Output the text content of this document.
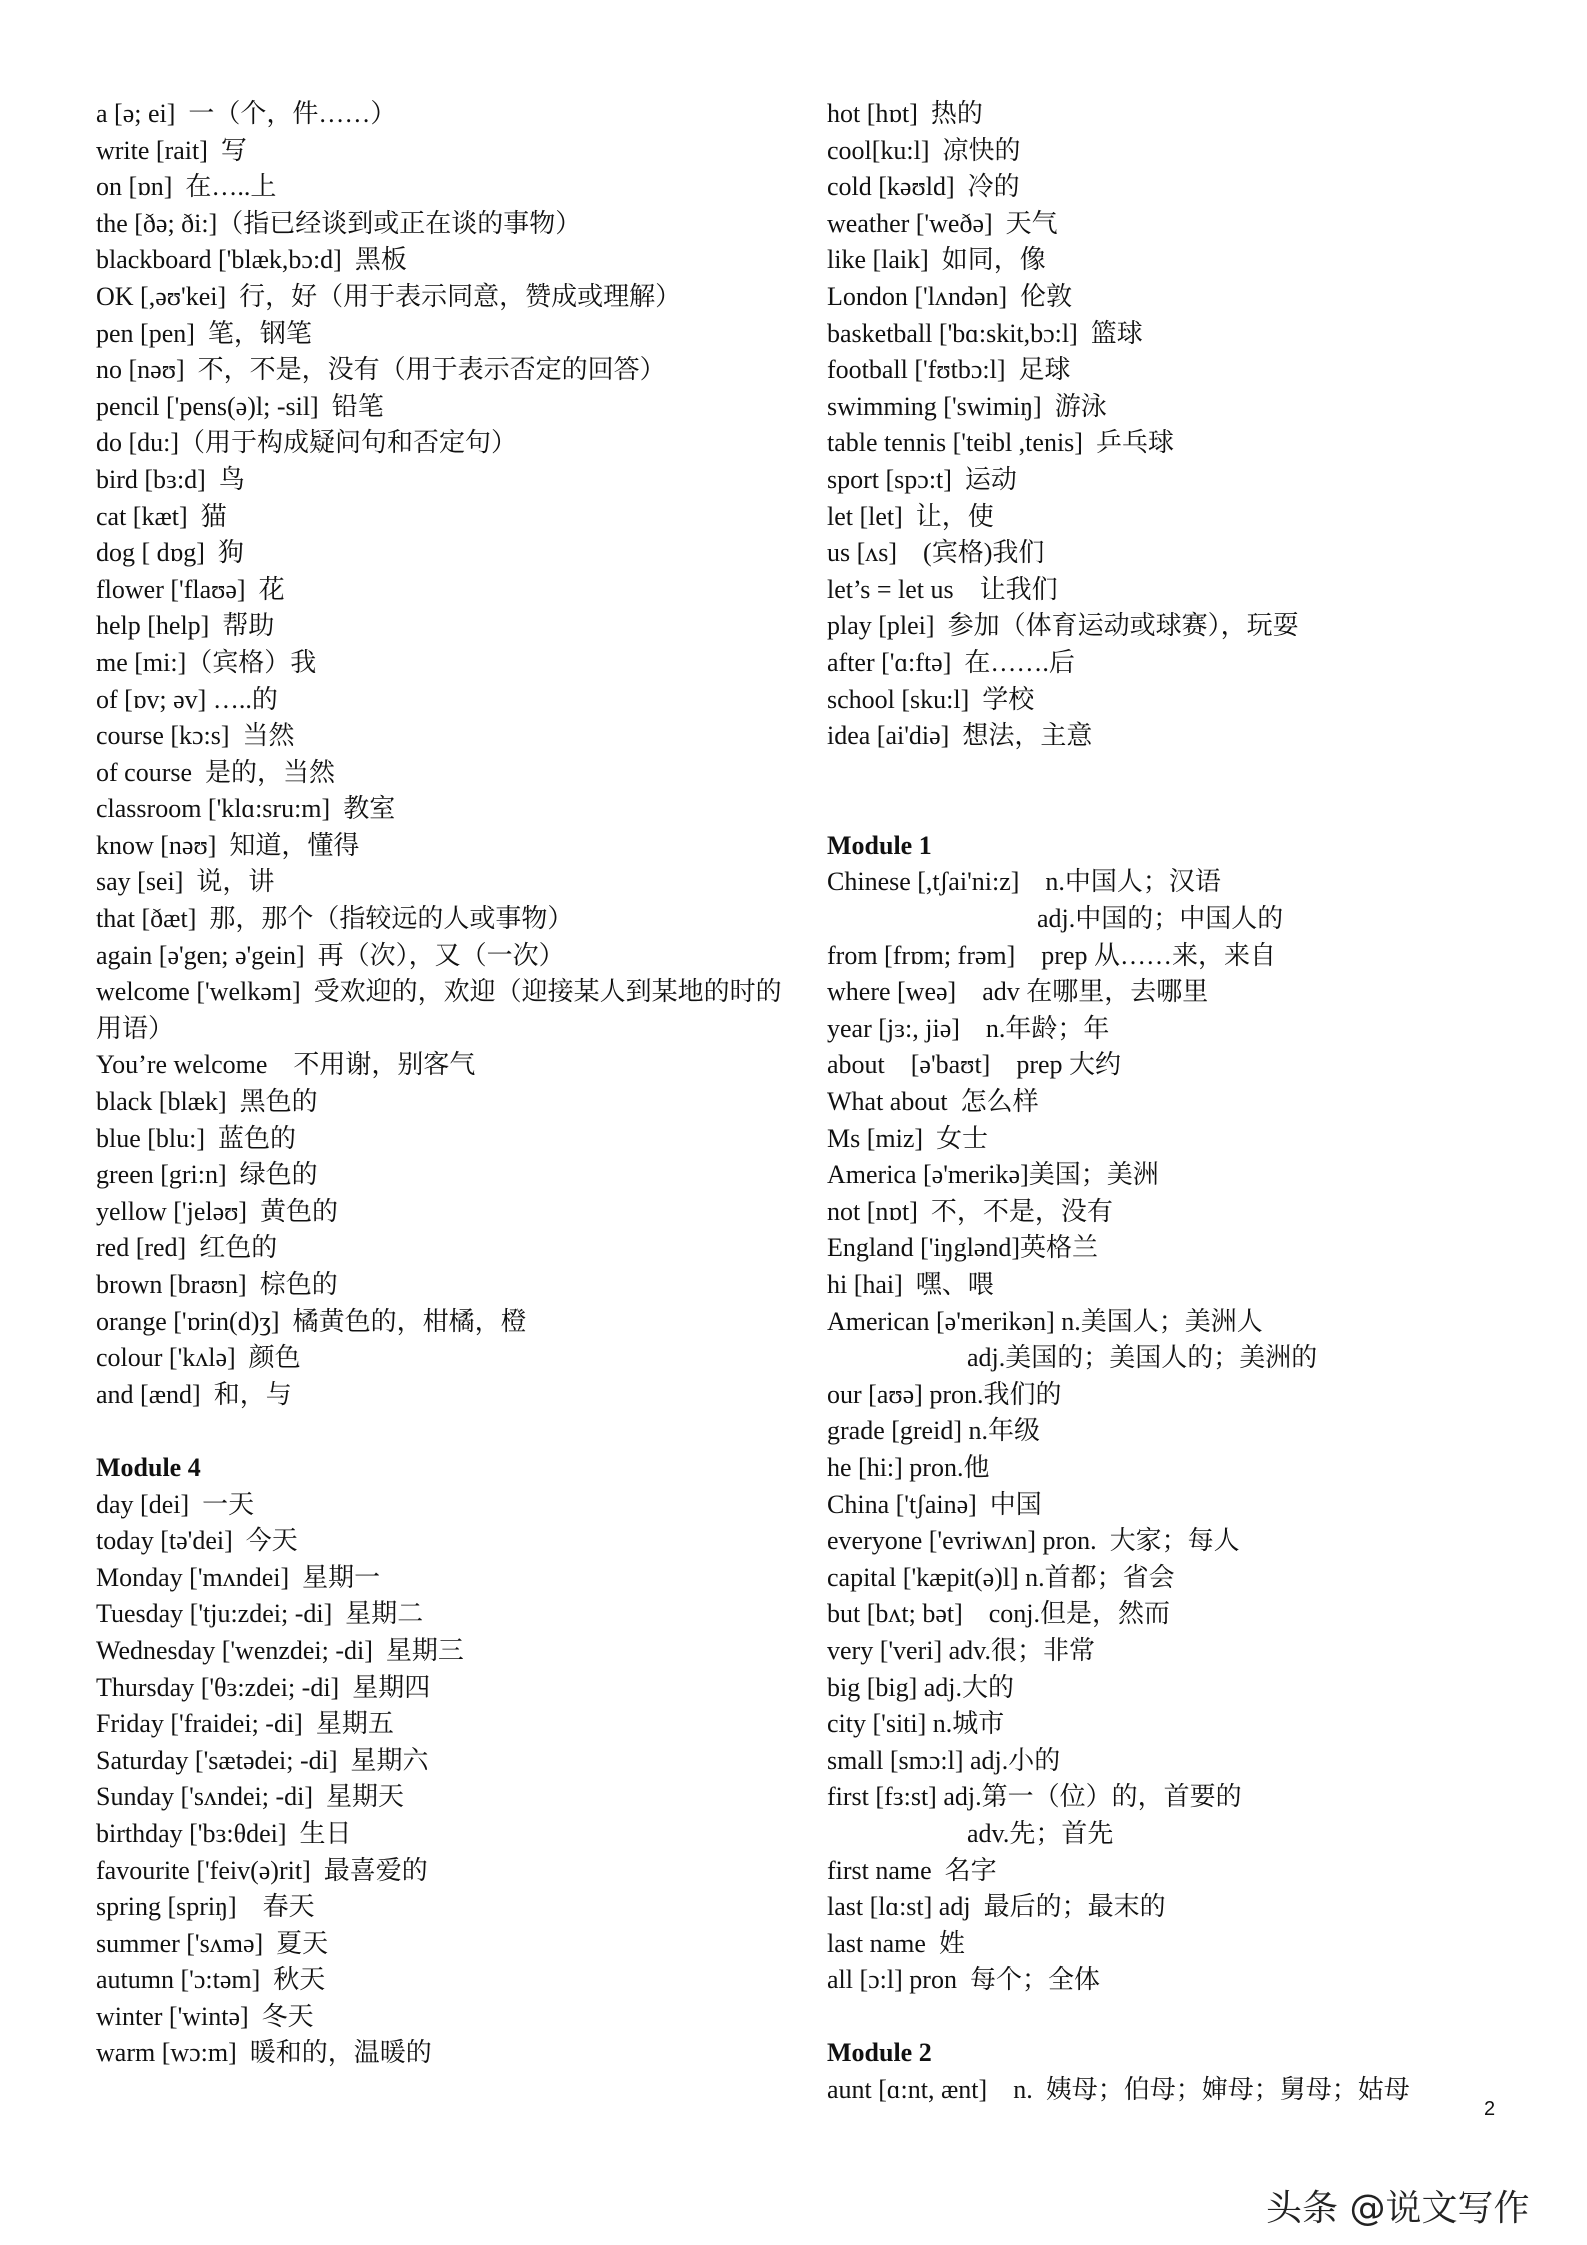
a [ə; ei]  一（个，件……）
write [rait]  写
on [ɒn]  在…..上
the [ðə; ði:]（指已经谈到或正在谈的事物）
blackboard ['blæk,bɔ:d]  黑板
OK [,əʊ'kei]  行，好（用于表示同意，赞成或理解）
pen [pen]  笔，钢笔
no [nəʊ]  不，不是，没有（用于表示否定的回答）
pencil ['pens(ə)l; -sil]  铅笔
do [du:]（用于构成疑问句和否定句）
bird [bɜ:d]  鸟
cat [kæt]  猫
dog [ dɒg]  狗
flower ['flaʊə]  花
help [help]  帮助
me [mi:]（宾格）我
of [ɒv; əv] …..的
course [kɔ:s]  当然
of course  是的，当然
classroom ['klɑ:sru:m]  教室
know [nəʊ]  知道，懂得
say [sei]  说，讲
that [ðæt]  那，那个（指较远的人或事物）
again [ə'gen; ə'gein]  再（次），又（一次）
welcome ['welkəm]  受欢迎的，欢迎（迎接某人到某地的时的用语）
You’re welcome    不用谢，别客气
black [blæk]  黑色的
blue [blu:]  蓝色的
green [gri:n]  绿色的
yellow ['jeləʊ]  黄色的
red [red]  红色的
brown [braʊn]  棕色的
orange ['ɒrin(d)ʒ]  橘黄色的，柑橘，橙
colour ['kʌlə]  颜色
and [ænd]  和，与
Module 4
day [dei]  一天
today [tə'dei]  今天
Monday ['mʌndei]  星期一
Tuesday ['tju:zdei; -di]  星期二
Wednesday ['wenzdei; -di]  星期三
Thursday ['θɜ:zdei; -di]  星期四
Friday ['fraidei; -di]  星期五
Saturday ['sætədei; -di]  星期六
Sunday ['sʌndei; -di]  星期天
birthday ['bɜ:θdei]  生日
favourite ['feiv(ə)rit]  最喜爱的
spring [spriŋ]    春天
summer ['sʌmə]  夏天
autumn ['ɔ:təm]  秋天
winter ['wintə]  冬天
warm [wɔ:m]  暖和的，温暖的
hot [hɒt]  热的
cool[ku:l]  凉快的
cold [kəʊld]  冷的
weather ['weðə]  天气
like [laik]  如同，像
London ['lʌndən]  伦敦
basketball ['bɑ:skit,bɔ:l]  篮球
football ['fʊtbɔ:l]  足球
swimming ['swimiŋ]  游泳
table tennis ['teibl ,tenis]  乒乓球
sport [spɔ:t]  运动
let [let]  让，使
us [ʌs]    (宾格)我们
let’s = let us    让我们
play [plei]  参加（体育运动或球赛），玩耍
after ['ɑ:ftə]  在…….后
school [sku:l]  学校
idea [ai'diə]  想法，主意
Module 1
Chinese [,tʃai'ni:z]    n.中国人；汉语
adj.中国的；中国人的
from [frɒm; frəm]    prep 从……来，来自
where [weə]    adv 在哪里，去哪里
year [jɜ:, jiə]    n.年龄；年
about    [ə'baʊt]    prep 大约
What about  怎么样
Ms [miz]  女士
America [ə'merikə]美国；美洲
not [nɒt]  不，不是，没有
England ['iŋglənd]英格兰
hi [hai]  嘿、喂
American [ə'merikən] n.美国人；美洲人
adj.美国的；美国人的；美洲的
our [aʊə] pron.我们的
grade [greid] n.年级
he [hi:] pron.他
China ['tʃainə]  中国
everyone ['evriwʌn] pron.  大家；每人
capital ['kæpit(ə)l] n.首都；省会
but [bʌt; bət]    conj.但是，然而
very ['veri] adv.很；非常
big [big] adj.大的
city ['siti] n.城市
small [smɔ:l] adj.小的
first [fɜ:st] adj.第一（位）的，首要的
adv.先；首先
first name  名字
last [lɑ:st] adj  最后的；最末的
last name  姓
all [ɔ:l] pron  每个；全体
Module 2
aunt [ɑ:nt, ænt]    n.  姨母；伯母；婶母；舅母；姑母
2
头条 @说文写作
